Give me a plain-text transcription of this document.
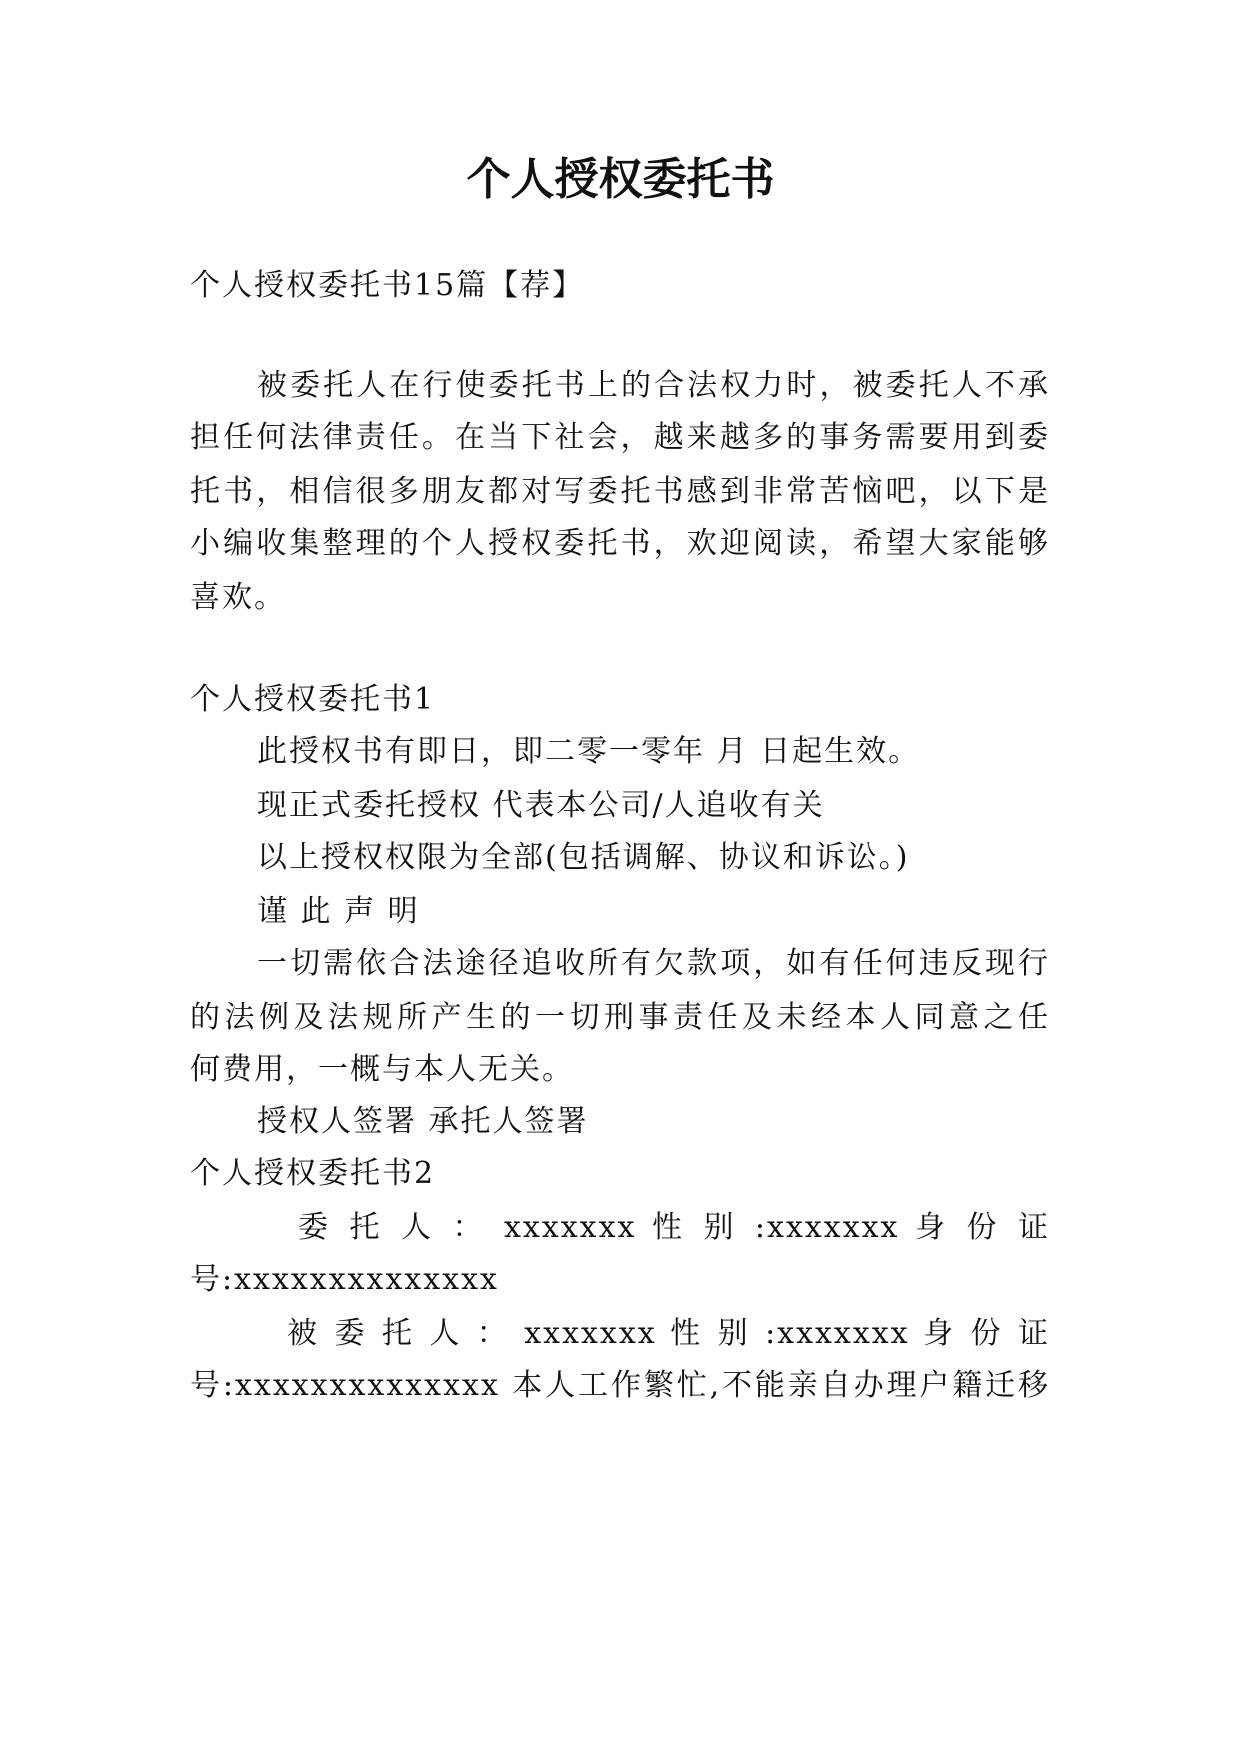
个人授权委托书
个人授权委托书15篇【荐】
被委托人在行使委托书上的合法权力时，被委托人不承
担任何法律责任。在当下社会，越来越多的事务需要用到委
托书，相信很多朋友都对写委托书感到非常苦恼吧，以下是
小编收集整理的个人授权委托书，欢迎阅读，希望大家能够
喜欢。
个人授权委托书1
此授权书有即日，即二零一零年 月 日起生效。
现正式委托授权 代表本公司/人追收有关
以上授权权限为全部(包括调解、协议和诉讼。)
谨 此 声 明
一切需依合法途径追收所有欠款项，如有任何违反现行
的法例及法规所产生的一切刑事责任及未经本人同意之任
何费用，一概与本人无关。
授权人签署 承托人签署
个人授权委托书2
委 托 人 ： xxxxxxx 性 别 :xxxxxxx 身 份 证
号:xxxxxxxxxxxxxx
被 委 托 人 ： xxxxxxx 性 别 :xxxxxxx 身 份 证
号:xxxxxxxxxxxxxx 本人工作繁忙,不能亲自办理户籍迁移
